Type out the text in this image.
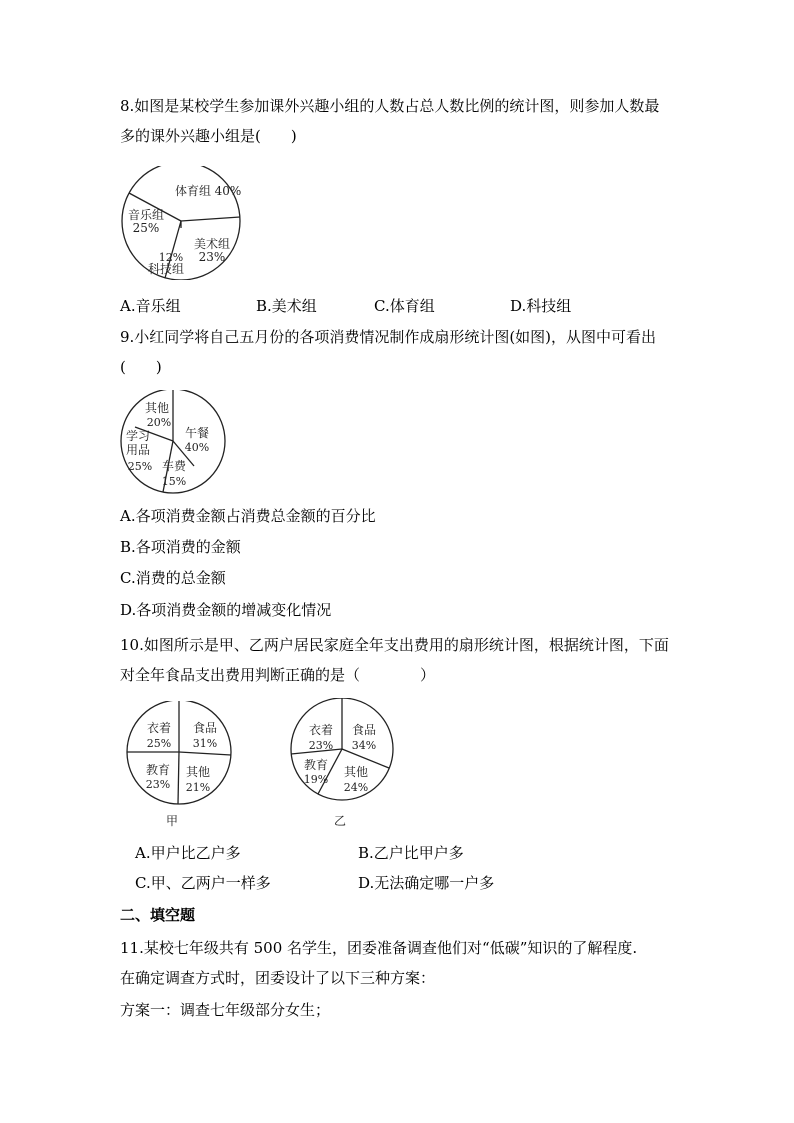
8.如图是某校学生参加课外兴趣小组的人数占总人数比例的统计图，则参加人数最
多的课外兴趣小组是(　　)
体育组 40%
美术组
23%
12%
科技组
音乐组
25%
A.音乐组	B.美术组	C.体育组	D.科技组
9.小红同学将自己五月份的各项消费情况制作成扇形统计图(如图)，从图中可看出
(　　)
午餐
40%
车费
15%
学习
用品
25%
其他
20%
A.各项消费金额占消费总金额的百分比
B.各项消费的金额
C.消费的总金额
D.各项消费金额的增减变化情况
10.如图所示是甲、乙两户居民家庭全年支出费用的扇形统计图，根据统计图，下面
对全年食品支出费用判断正确的是（　　　　）
食品
31%
其他
21%
教育
23%
衣着
25%
甲
食品
34%
其他
24%
教育
19%
衣着
23%
乙
A.甲户比乙户多	B.乙户比甲户多
C.甲、乙两户一样多	D.无法确定哪一户多
二、填空题
11.某校七年级共有 500 名学生，团委准备调查他们对“低碳”知识的了解程度.
在确定调查方式时，团委设计了以下三种方案：
方案一：调查七年级部分女生；
